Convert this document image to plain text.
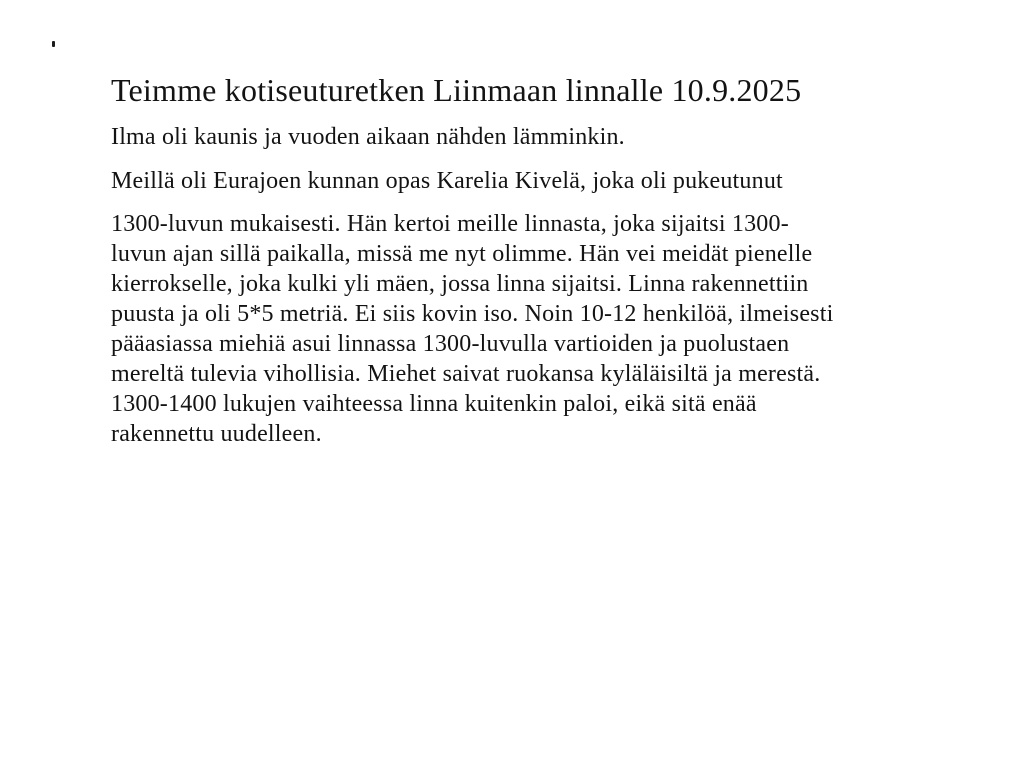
Teimme kotiseuturetken Liinmaan linnalle 10.9.2025

Ilma oli kaunis ja vuoden aikaan nähden lämminkin.

Meillä oli Eurajoen kunnan opas Karelia Kivelä, joka oli pukeutunut

1300-luvun mukaisesti. Hän kertoi meille linnasta, joka sijaitsi 1300-
luvun ajan sillä paikalla, missä me nyt olimme. Hän vei meidät pienelle
kierrokselle, joka kulki yli mäen, jossa linna sijaitsi. Linna rakennettiin
puusta ja oli 5*5 metriä. Ei siis kovin iso. Noin 10-12 henkilöä, ilmeisesti
pääasiassa miehiä asui linnassa 1300-luvulla vartioiden ja puolustaen
mereltä tulevia vihollisia. Miehet saivat ruokansa kyläläisiltä ja merestä.
1300-1400 lukujen vaihteessa linna kuitenkin paloi, eikä sitä enää
rakennettu uudelleen.
